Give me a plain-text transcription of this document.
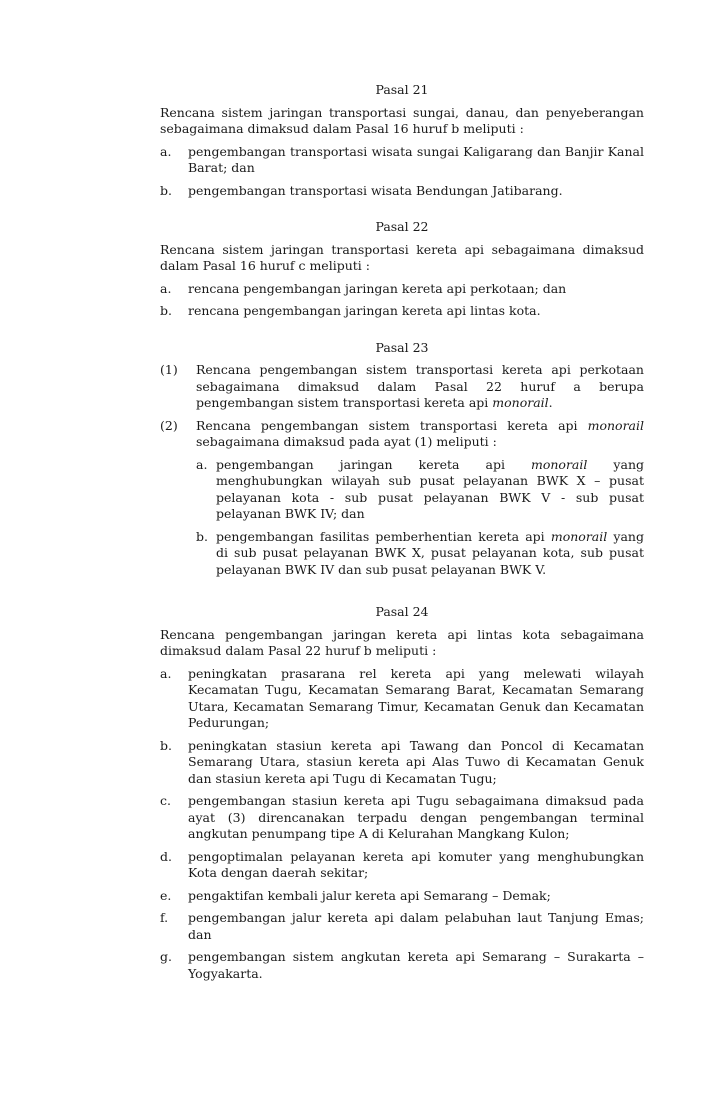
Pasal 21
Rencana sistem jaringan transportasi sungai, danau, dan penyeberangan sebagaimana dimaksud dalam Pasal 16 huruf b meliputi :
a.	pengembangan transportasi wisata sungai Kaligarang dan Banjir Kanal Barat; dan
b.	pengembangan transportasi wisata Bendungan Jatibarang.
Pasal 22
Rencana sistem jaringan transportasi kereta api sebagaimana dimaksud dalam Pasal 16 huruf c meliputi :
a.	rencana pengembangan jaringan kereta api perkotaan; dan
b.	rencana pengembangan jaringan kereta api lintas kota.
Pasal 23
(1)	Rencana pengembangan sistem transportasi kereta api perkotaan sebagaimana dimaksud dalam Pasal 22 huruf a berupa pengembangan sistem transportasi kereta api monorail.
(2)	Rencana pengembangan sistem transportasi kereta api monorail sebagaimana dimaksud pada ayat (1) meliputi :
a. pengembangan jaringan kereta api monorail yang menghubungkan wilayah sub pusat pelayanan BWK X – pusat pelayanan kota - sub pusat pelayanan BWK V - sub pusat pelayanan BWK IV; dan
b. pengembangan fasilitas pemberhentian kereta api monorail yang di sub pusat pelayanan BWK X, pusat pelayanan kota, sub pusat pelayanan BWK IV dan sub pusat pelayanan BWK V.
Pasal 24
Rencana pengembangan jaringan kereta api lintas kota sebagaimana dimaksud dalam Pasal 22 huruf b meliputi :
a.	peningkatan prasarana rel kereta api yang melewati wilayah Kecamatan Tugu, Kecamatan Semarang Barat, Kecamatan Semarang Utara, Kecamatan Semarang Timur, Kecamatan Genuk dan Kecamatan Pedurungan;
b.	peningkatan stasiun kereta api Tawang dan Poncol di Kecamatan Semarang Utara, stasiun kereta api Alas Tuwo di Kecamatan Genuk dan stasiun kereta api Tugu di Kecamatan Tugu;
c.	pengembangan stasiun kereta api Tugu sebagaimana dimaksud pada ayat (3) direncanakan terpadu dengan pengembangan terminal angkutan penumpang tipe A di Kelurahan Mangkang Kulon;
d.	pengoptimalan pelayanan kereta api komuter yang menghubungkan Kota dengan daerah sekitar;
e.	pengaktifan kembali jalur kereta api Semarang – Demak;
f.	pengembangan jalur kereta api dalam pelabuhan laut Tanjung Emas; dan
g.	pengembangan sistem angkutan kereta api Semarang – Surakarta – Yogyakarta.
